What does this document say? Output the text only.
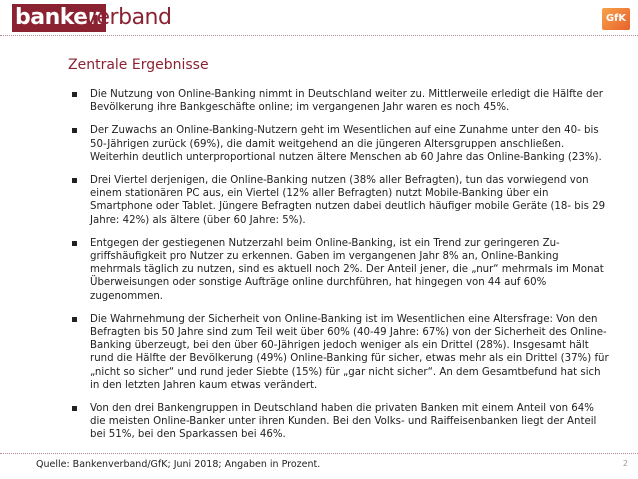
banken
verband	GfK
Zentrale Ergebnisse
Die Nutzung von Online-Banking nimmt in Deutschland weiter zu. Mittlerweile erledigt die Hälfte der Bevölkerung ihre Bankgeschäfte online; im vergangenen Jahr waren es noch 45%.
Der Zuwachs an Online-Banking-Nutzern geht im Wesentlichen auf eine Zunahme unter den 40- bis 50-Jährigen zurück (69%), die damit weitgehend an die jüngeren Altersgruppen anschließen. Weiterhin deutlich unterproportional nutzen ältere Menschen ab 60 Jahre das Online-Banking (23%).
Drei Viertel derjenigen, die Online-Banking nutzen (38% aller Befragten), tun das vorwiegend von einem stationären PC aus, ein Viertel (12% aller Befragten) nutzt Mobile-Banking über ein Smartphone oder Tablet. Jüngere Befragten nutzen dabei deutlich häufiger mobile Geräte (18- bis 29 Jahre: 42%) als ältere (über 60 Jahre: 5%).
Entgegen der gestiegenen Nutzerzahl beim Online-Banking, ist ein Trend zur geringeren Zu-griffshäufigkeit pro Nutzer zu erkennen. Gaben im vergangenen Jahr 8% an, Online-Banking mehrmals täglich zu nutzen, sind es aktuell noch 2%. Der Anteil jener, die „nur“ mehrmals im Monat Überweisungen oder sonstige Aufträge online durchführen, hat hingegen von 44 auf 60% zugenommen.
Die Wahrnehmung der Sicherheit von Online-Banking ist im Wesentlichen eine Altersfrage: Von den Befragten bis 50 Jahre sind zum Teil weit über 60% (40-49 Jahre: 67%) von der Sicherheit des Online-Banking überzeugt, bei den über 60-Jährigen jedoch weniger als ein Drittel (28%). Insgesamt hält rund die Hälfte der Bevölkerung (49%) Online-Banking für sicher, etwas mehr als ein Drittel (37%) für „nicht so sicher“ und rund jeder Siebte (15%) für „gar nicht sicher“. An dem Gesamtbefund hat sich in den letzten Jahren kaum etwas verändert.
Von den drei Bankengruppen in Deutschland haben die privaten Banken mit einem Anteil von 64% die meisten Online-Banker unter ihren Kunden. Bei den Volks- und Raiffeisenbanken liegt der Anteil bei 51%, bei den Sparkassen bei 46%.
Quelle: Bankenverband/GfK; Juni 2018; Angaben in Prozent.	2
